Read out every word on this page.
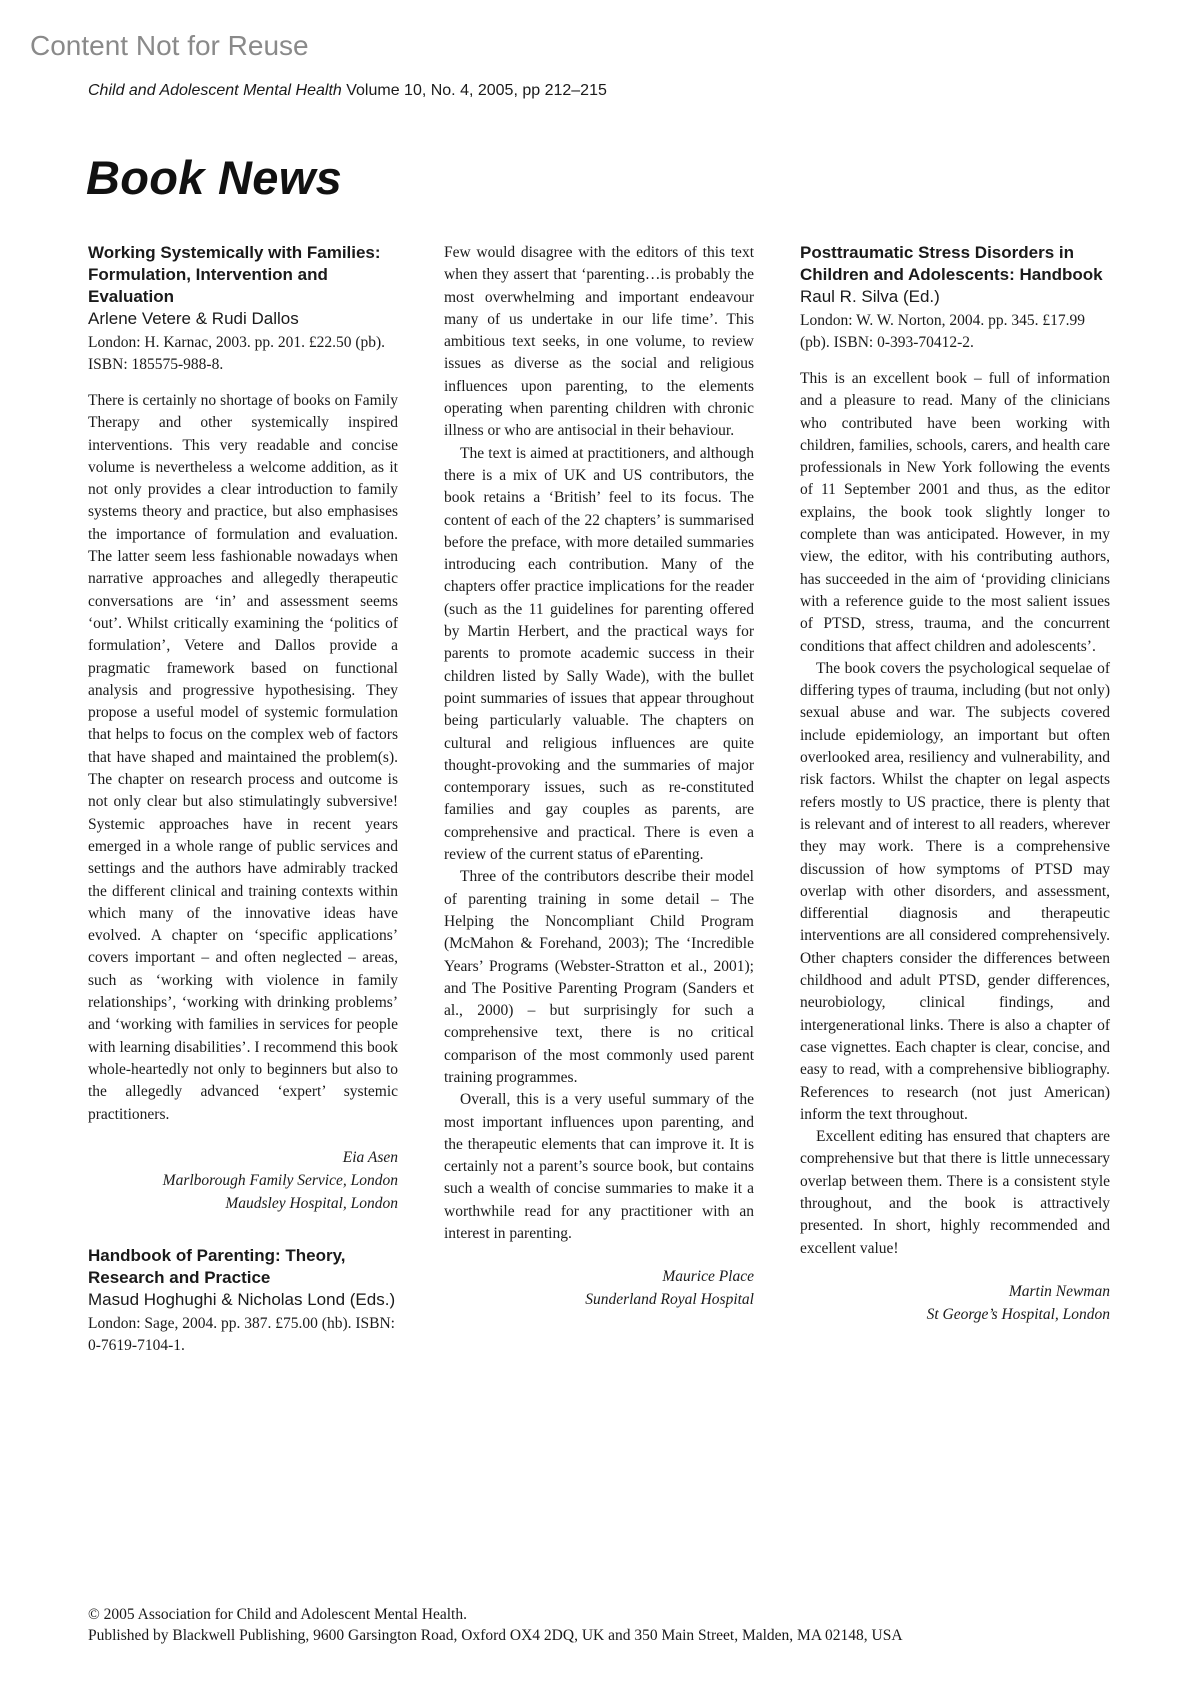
Content Not for Reuse
Child and Adolescent Mental Health Volume 10, No. 4, 2005, pp 212–215
Book News

Working Systemically with Families: Formulation, Intervention and Evaluation

Arlene Vetere & Rudi Dallos

London: H. Karnac, 2003. pp. 201. £22.50 (pb). ISBN: 185575-988-8.

There is certainly no shortage of books on Family Therapy and other systemically inspired interventions. This very readable and concise volume is nevertheless a welcome addition, as it not only provides a clear introduction to family systems theory and practice, but also emphasises the importance of formulation and evaluation. The latter seem less fashionable nowadays when narrative approaches and allegedly therapeutic conversations are ‘in’ and assessment seems ‘out’. Whilst critically examining the ‘politics of formulation’, Vetere and Dallos provide a pragmatic framework based on functional analysis and progressive hypothesising. They propose a useful model of systemic formulation that helps to focus on the complex web of factors that have shaped and maintained the problem(s). The chapter on research process and outcome is not only clear but also stimulatingly subversive! Systemic approaches have in recent years emerged in a whole range of public services and settings and the authors have admirably tracked the different clinical and training contexts within which many of the innovative ideas have evolved. A chapter on ‘specific applications’ covers important – and often neglected – areas, such as ‘working with violence in family relationships’, ‘working with drinking problems’ and ‘working with families in services for people with learning disabilities’. I recommend this book whole-heartedly not only to beginners but also to the allegedly advanced ‘expert’ systemic practitioners.

Eia Asen
Marlborough Family Service, London
Maudsley Hospital, London

Handbook of Parenting: Theory, Research and Practice

Masud Hoghughi & Nicholas Lond (Eds.)

London: Sage, 2004. pp. 387. £75.00 (hb). ISBN: 0-7619-7104-1.

Few would disagree with the editors of this text when they assert that ‘parenting…is probably the most overwhelming and important endeavour many of us undertake in our life time’. This ambitious text seeks, in one volume, to review issues as diverse as the social and religious influences upon parenting, to the elements operating when parenting children with chronic illness or who are antisocial in their behaviour.

The text is aimed at practitioners, and although there is a mix of UK and US contributors, the book retains a ‘British’ feel to its focus. The content of each of the 22 chapters’ is summarised before the preface, with more detailed summaries introducing each contribution. Many of the chapters offer practice implications for the reader (such as the 11 guidelines for parenting offered by Martin Herbert, and the practical ways for parents to promote academic success in their children listed by Sally Wade), with the bullet point summaries of issues that appear throughout being particularly valuable. The chapters on cultural and religious influences are quite thought-provoking and the summaries of major contemporary issues, such as re-constituted families and gay couples as parents, are comprehensive and practical. There is even a review of the current status of eParenting.

Three of the contributors describe their model of parenting training in some detail – The Helping the Noncompliant Child Program (McMahon & Forehand, 2003); The ‘Incredible Years’ Programs (Webster-Stratton et al., 2001); and The Positive Parenting Program (Sanders et al., 2000) – but surprisingly for such a comprehensive text, there is no critical comparison of the most commonly used parent training programmes.

Overall, this is a very useful summary of the most important influences upon parenting, and the therapeutic elements that can improve it. It is certainly not a parent’s source book, but contains such a wealth of concise summaries to make it a worthwhile read for any practitioner with an interest in parenting.

Maurice Place
Sunderland Royal Hospital

Posttraumatic Stress Disorders in Children and Adolescents: Handbook

Raul R. Silva (Ed.)

London: W. W. Norton, 2004. pp. 345. £17.99 (pb). ISBN: 0-393-70412-2.

This is an excellent book – full of information and a pleasure to read. Many of the clinicians who contributed have been working with children, families, schools, carers, and health care professionals in New York following the events of 11 September 2001 and thus, as the editor explains, the book took slightly longer to complete than was anticipated. However, in my view, the editor, with his contributing authors, has succeeded in the aim of ‘providing clinicians with a reference guide to the most salient issues of PTSD, stress, trauma, and the concurrent conditions that affect children and adolescents’.

The book covers the psychological sequelae of differing types of trauma, including (but not only) sexual abuse and war. The subjects covered include epidemiology, an important but often overlooked area, resiliency and vulnerability, and risk factors. Whilst the chapter on legal aspects refers mostly to US practice, there is plenty that is relevant and of interest to all readers, wherever they may work. There is a comprehensive discussion of how symptoms of PTSD may overlap with other disorders, and assessment, differential diagnosis and therapeutic interventions are all considered comprehensively. Other chapters consider the differences between childhood and adult PTSD, gender differences, neurobiology, clinical findings, and intergenerational links. There is also a chapter of case vignettes. Each chapter is clear, concise, and easy to read, with a comprehensive bibliography. References to research (not just American) inform the text throughout.

Excellent editing has ensured that chapters are comprehensive but that there is little unnecessary overlap between them. There is a consistent style throughout, and the book is attractively presented. In short, highly recommended and excellent value!

Martin Newman
St George’s Hospital, London
© 2005 Association for Child and Adolescent Mental Health.
Published by Blackwell Publishing, 9600 Garsington Road, Oxford OX4 2DQ, UK and 350 Main Street, Malden, MA 02148, USA
